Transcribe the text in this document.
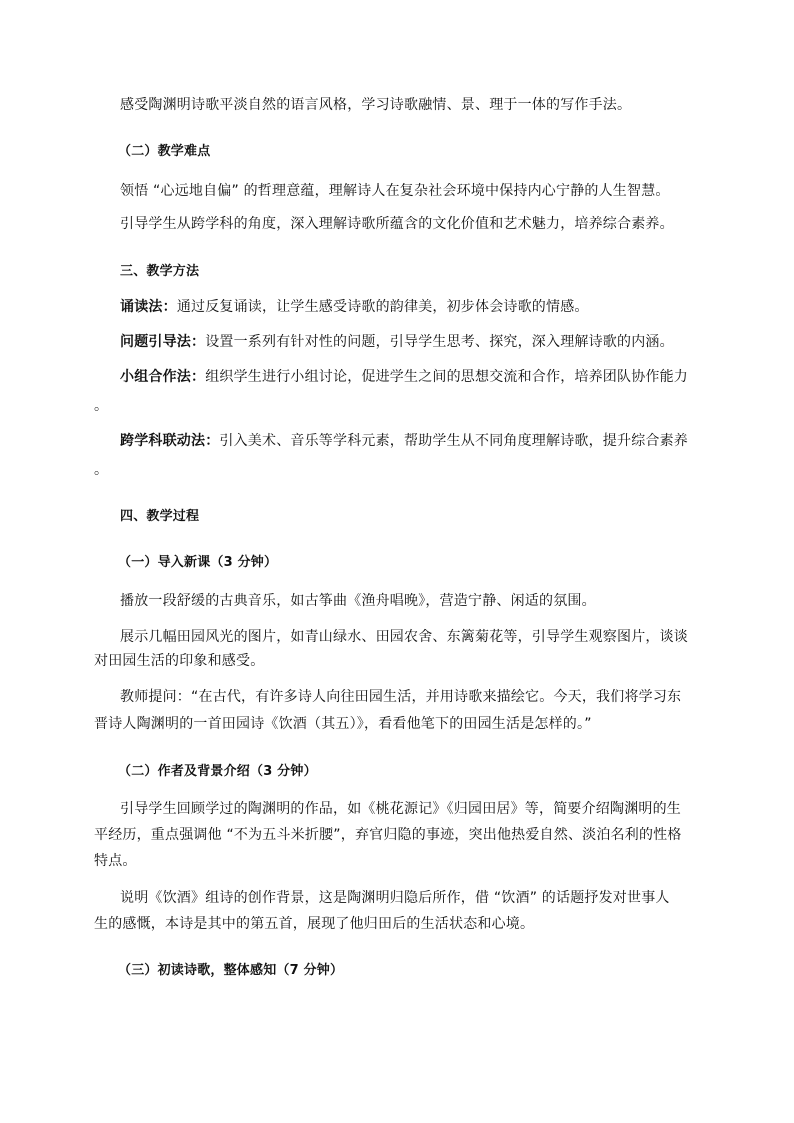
感受陶渊明诗歌平淡自然的语言风格，学习诗歌融情、景、理于一体的写作手法。
（二）教学难点
领悟 “心远地自偏” 的哲理意蕴，理解诗人在复杂社会环境中保持内心宁静的人生智慧。
引导学生从跨学科的角度，深入理解诗歌所蕴含的文化价值和艺术魅力，培养综合素养。
三、教学方法
诵读法：通过反复诵读，让学生感受诗歌的韵律美，初步体会诗歌的情感。
问题引导法：设置一系列有针对性的问题，引导学生思考、探究，深入理解诗歌的内涵。
小组合作法：组织学生进行小组讨论，促进学生之间的思想交流和合作，培养团队协作能力
。
跨学科联动法：引入美术、音乐等学科元素，帮助学生从不同角度理解诗歌，提升综合素养
。
四、教学过程
（一）导入新课（3 分钟）
播放一段舒缓的古典音乐，如古筝曲《渔舟唱晚》，营造宁静、闲适的氛围。
展示几幅田园风光的图片，如青山绿水、田园农舍、东篱菊花等，引导学生观察图片，谈谈
对田园生活的印象和感受。
教师提问：“在古代，有许多诗人向往田园生活，并用诗歌来描绘它。今天，我们将学习东
晋诗人陶渊明的一首田园诗《饮酒（其五）》，看看他笔下的田园生活是怎样的。”
（二）作者及背景介绍（3 分钟）
引导学生回顾学过的陶渊明的作品，如《桃花源记》《归园田居》等，简要介绍陶渊明的生
平经历，重点强调他 “不为五斗米折腰”，弃官归隐的事迹，突出他热爱自然、淡泊名利的性格
特点。
说明《饮酒》组诗的创作背景，这是陶渊明归隐后所作，借 “饮酒” 的话题抒发对世事人
生的感慨，本诗是其中的第五首，展现了他归田后的生活状态和心境。
（三）初读诗歌，整体感知（7 分钟）
